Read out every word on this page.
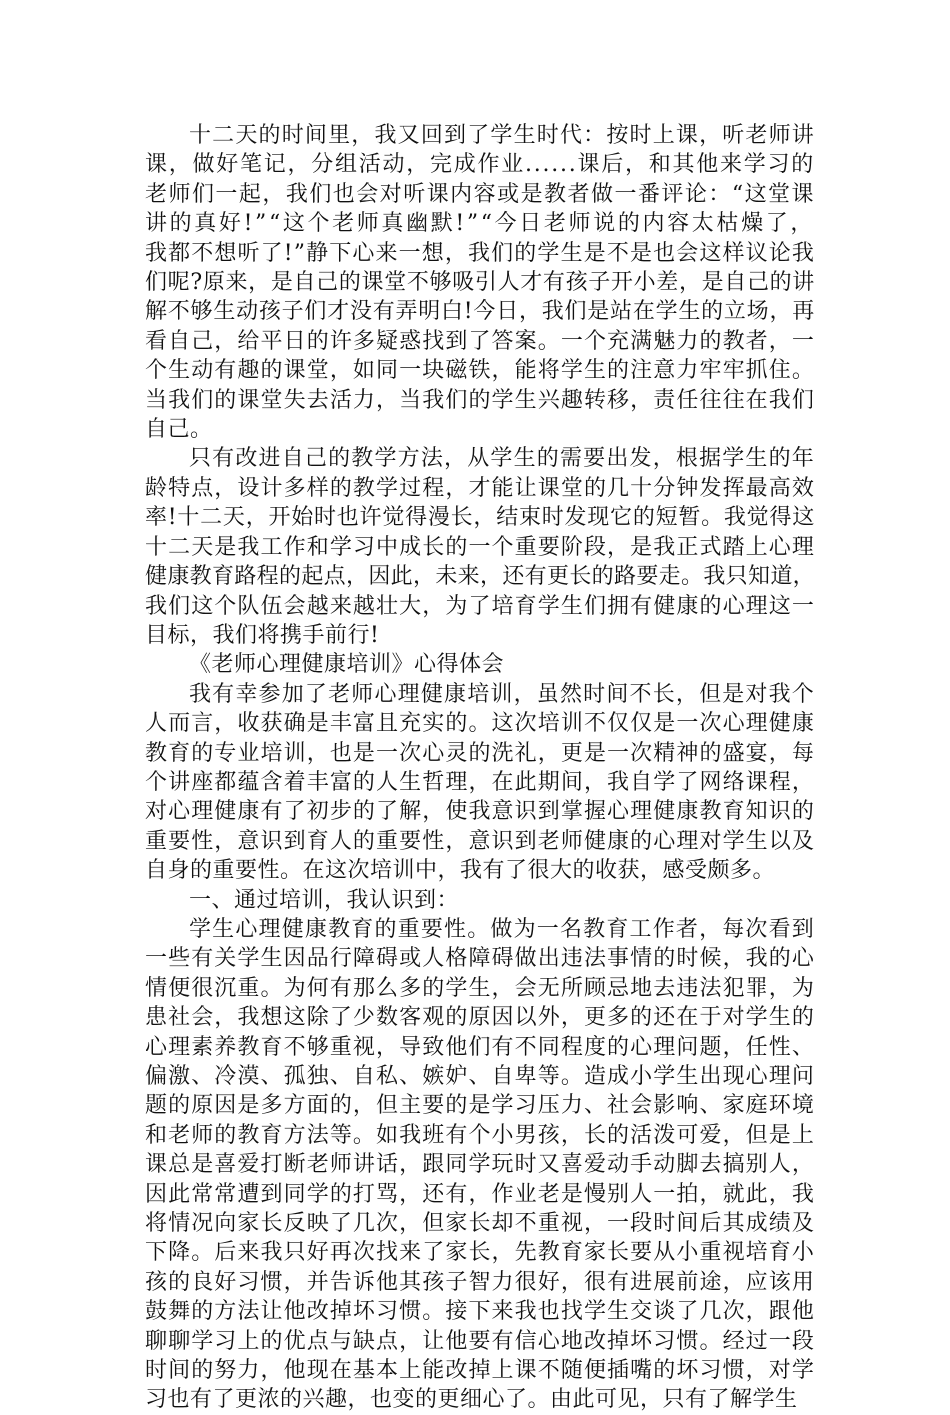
十二天的时间里，我又回到了学生时代：按时上课，听老师讲
课，做好笔记，分组活动，完成作业......课后，和其他来学习的
老师们一起，我们也会对听课内容或是教者做一番评论：“这堂课
讲的真好!”“这个老师真幽默!”“今日老师说的内容太枯燥了，
我都不想听了!”静下心来一想，我们的学生是不是也会这样议论我
们呢?原来，是自己的课堂不够吸引人才有孩子开小差，是自己的讲
解不够生动孩子们才没有弄明白!今日，我们是站在学生的立场，再
看自己，给平日的许多疑惑找到了答案。一个充满魅力的教者，一
个生动有趣的课堂，如同一块磁铁，能将学生的注意力牢牢抓住。
当我们的课堂失去活力，当我们的学生兴趣转移，责任往往在我们
自己。

只有改进自己的教学方法，从学生的需要出发，根据学生的年
龄特点，设计多样的教学过程，才能让课堂的几十分钟发挥最高效
率!十二天，开始时也许觉得漫长，结束时发现它的短暂。我觉得这
十二天是我工作和学习中成长的一个重要阶段，是我正式踏上心理
健康教育路程的起点，因此，未来，还有更长的路要走。我只知道，
我们这个队伍会越来越壮大，为了培育学生们拥有健康的心理这一
目标，我们将携手前行!

《老师心理健康培训》心得体会

我有幸参加了老师心理健康培训，虽然时间不长，但是对我个
人而言，收获确是丰富且充实的。这次培训不仅仅是一次心理健康
教育的专业培训，也是一次心灵的洗礼，更是一次精神的盛宴，每
个讲座都蕴含着丰富的人生哲理，在此期间，我自学了网络课程，
对心理健康有了初步的了解，使我意识到掌握心理健康教育知识的
重要性，意识到育人的重要性，意识到老师健康的心理对学生以及
自身的重要性。在这次培训中，我有了很大的收获，感受颇多。

一、通过培训，我认识到：

学生心理健康教育的重要性。做为一名教育工作者，每次看到
一些有关学生因品行障碍或人格障碍做出违法事情的时候，我的心
情便很沉重。为何有那么多的学生，会无所顾忌地去违法犯罪，为
患社会，我想这除了少数客观的原因以外，更多的还在于对学生的
心理素养教育不够重视，导致他们有不同程度的心理问题，任性、
偏激、冷漠、孤独、自私、嫉妒、自卑等。造成小学生出现心理问
题的原因是多方面的，但主要的是学习压力、社会影响、家庭环境
和老师的教育方法等。如我班有个小男孩，长的活泼可爱，但是上
课总是喜爱打断老师讲话，跟同学玩时又喜爱动手动脚去搞别人，
因此常常遭到同学的打骂，还有，作业老是慢别人一拍，就此，我
将情况向家长反映了几次，但家长却不重视，一段时间后其成绩及
下降。后来我只好再次找来了家长，先教育家长要从小重视培育小
孩的良好习惯，并告诉他其孩子智力很好，很有进展前途，应该用
鼓舞的方法让他改掉坏习惯。接下来我也找学生交谈了几次，跟他
聊聊学习上的优点与缺点，让他要有信心地改掉坏习惯。经过一段
时间的努力，他现在基本上能改掉上课不随便插嘴的坏习惯，对学
习也有了更浓的兴趣，也变的更细心了。由此可见，只有了解学生
